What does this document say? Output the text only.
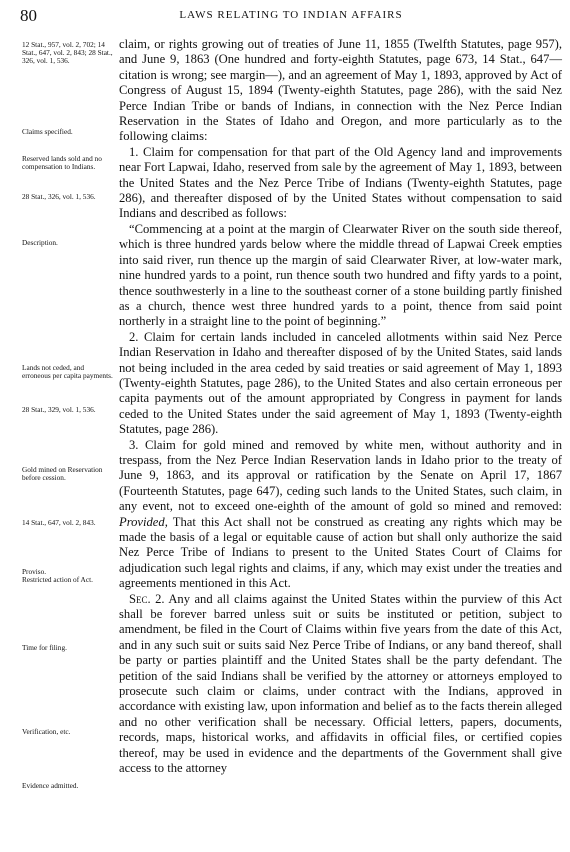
80	LAWS RELATING TO INDIAN AFFAIRS
12 Stat., 957, vol. 2, 702; 14 Stat., 647, vol. 2, 843; 28 Stat., 326, vol. 1, 536.
Claims specified.
Reserved lands sold and no compensation to Indians.
28 Stat., 326, vol. 1, 536.
Description.
Lands not ceded, and erroneous per capita payments.
28 Stat., 329, vol. 1, 536.
Gold mined on Reservation before cession.
14 Stat., 647, vol. 2, 843.
Proviso.
Restricted action of Act.
Time for filing.
Verification, etc.
Evidence admitted.

claim, or rights growing out of treaties of June 11, 1855 (Twelfth Statutes, page 957), and June 9, 1863 (One hundred and forty-eighth Statutes, page 673, 14 Stat., 647—citation is wrong; see margin—), and an agreement of May 1, 1893, approved by Act of Congress of August 15, 1894 (Twenty-eighth Statutes, page 286), with the said Nez Perce Indian Tribe or bands of Indians, in connection with the Nez Perce Indian Reservation in the States of Idaho and Oregon, and more particularly as to the following claims:

1. Claim for compensation for that part of the Old Agency land and improvements near Fort Lapwai, Idaho, reserved from sale by the agreement of May 1, 1893, between the United States and the Nez Perce Tribe of Indians (Twenty-eighth Statutes, page 286), and thereafter disposed of by the United States without compensation to said Indians and described as follows:

“Commencing at a point at the margin of Clearwater River on the south side thereof, which is three hundred yards below where the middle thread of Lapwai Creek empties into said river, run thence up the margin of said Clearwater River, at low-water mark, nine hundred yards to a point, run thence south two hundred and fifty yards to a point, thence southwesterly in a line to the southeast corner of a stone building partly finished as a church, thence west three hundred yards to a point, thence from said point northerly in a straight line to the point of beginning.”

2. Claim for certain lands included in canceled allotments within said Nez Perce Indian Reservation in Idaho and thereafter disposed of by the United States, said lands not being included in the area ceded by said treaties or said agreement of May 1, 1893 (Twenty-eighth Statutes, page 286), to the United States and also certain erroneous per capita payments out of the amount appropriated by Congress in payment for lands ceded to the United States under the said agreement of May 1, 1893 (Twenty-eighth Statutes, page 286).

3. Claim for gold mined and removed by white men, without authority and in trespass, from the Nez Perce Indian Reservation lands in Idaho prior to the treaty of June 9, 1863, and its approval or ratification by the Senate on April 17, 1867 (Fourteenth Statutes, page 647), ceding such lands to the United States, such claim, in any event, not to exceed one-eighth of the amount of gold so mined and removed: Provided, That this Act shall not be construed as creating any rights which may be made the basis of a legal or equitable cause of action but shall only authorize the said Nez Perce Tribe of Indians to present to the United States Court of Claims for adjudication such legal rights and claims, if any, which may exist under the treaties and agreements mentioned in this Act.

Sec. 2. Any and all claims against the United States within the purview of this Act shall be forever barred unless suit or suits be instituted or petition, subject to amendment, be filed in the Court of Claims within five years from the date of this Act, and in any such suit or suits said Nez Perce Tribe of Indians, or any band thereof, shall be party or parties plaintiff and the United States shall be the party defendant. The petition of the said Indians shall be verified by the attorney or attorneys employed to prosecute such claim or claims, under contract with the Indians, approved in accordance with existing law, upon information and belief as to the facts therein alleged and no other verification shall be necessary. Official letters, papers, documents, records, maps, historical works, and affidavits in official files, or certified copies thereof, may be used in evidence and the departments of the Government shall give access to the attorney
